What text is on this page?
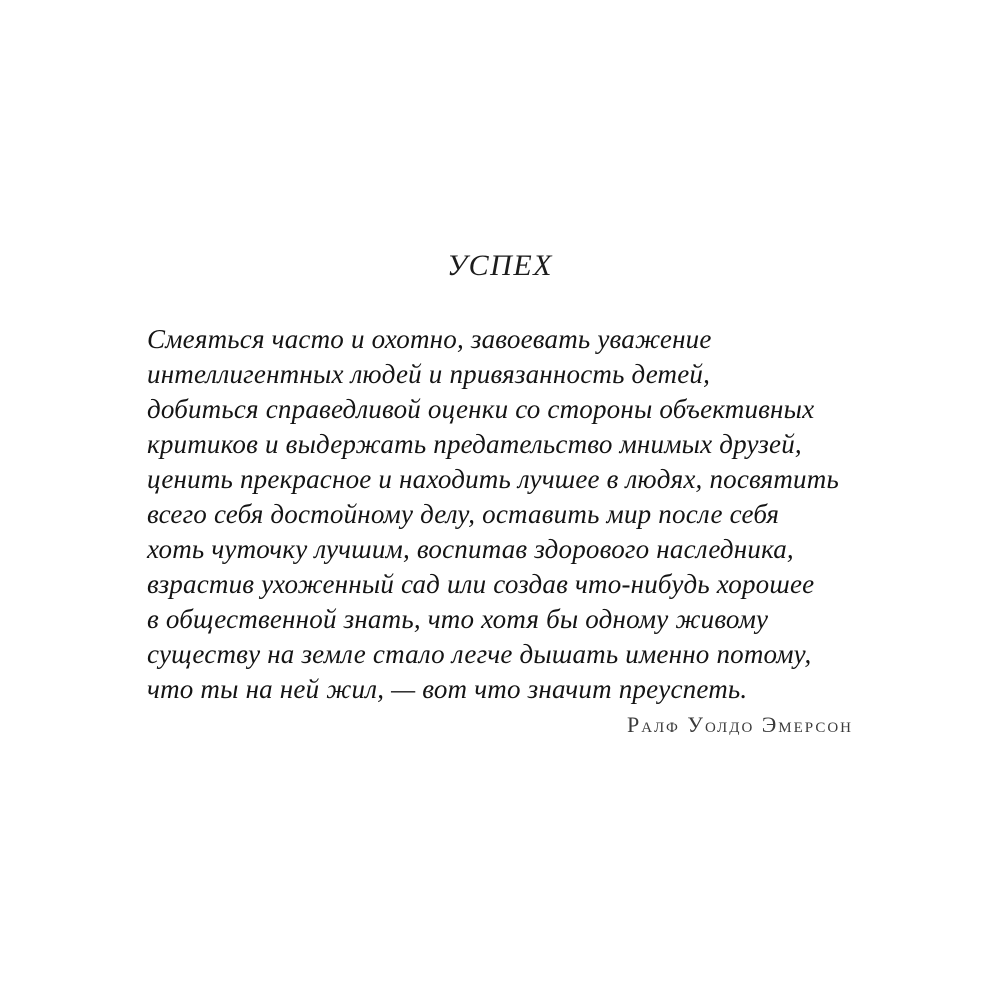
УСПЕХ
Смеяться часто и охотно, завоевать уважение
интеллигентных людей и привязанность детей,
добиться справедливой оценки со стороны объективных
критиков и выдержать предательство мнимых друзей,
ценить прекрасное и находить лучшее в людях, посвятить
всего себя достойному делу, оставить мир после себя
хоть чуточку лучшим, воспитав здорового наследника,
взрастив ухоженный сад или создав что-нибудь хорошее
в общественной знать, что хотя бы одному живому
существу на земле стало легче дышать именно потому,
что ты на ней жил, — вот что значит преуспеть.
Ралф Уолдо Эмерсон
